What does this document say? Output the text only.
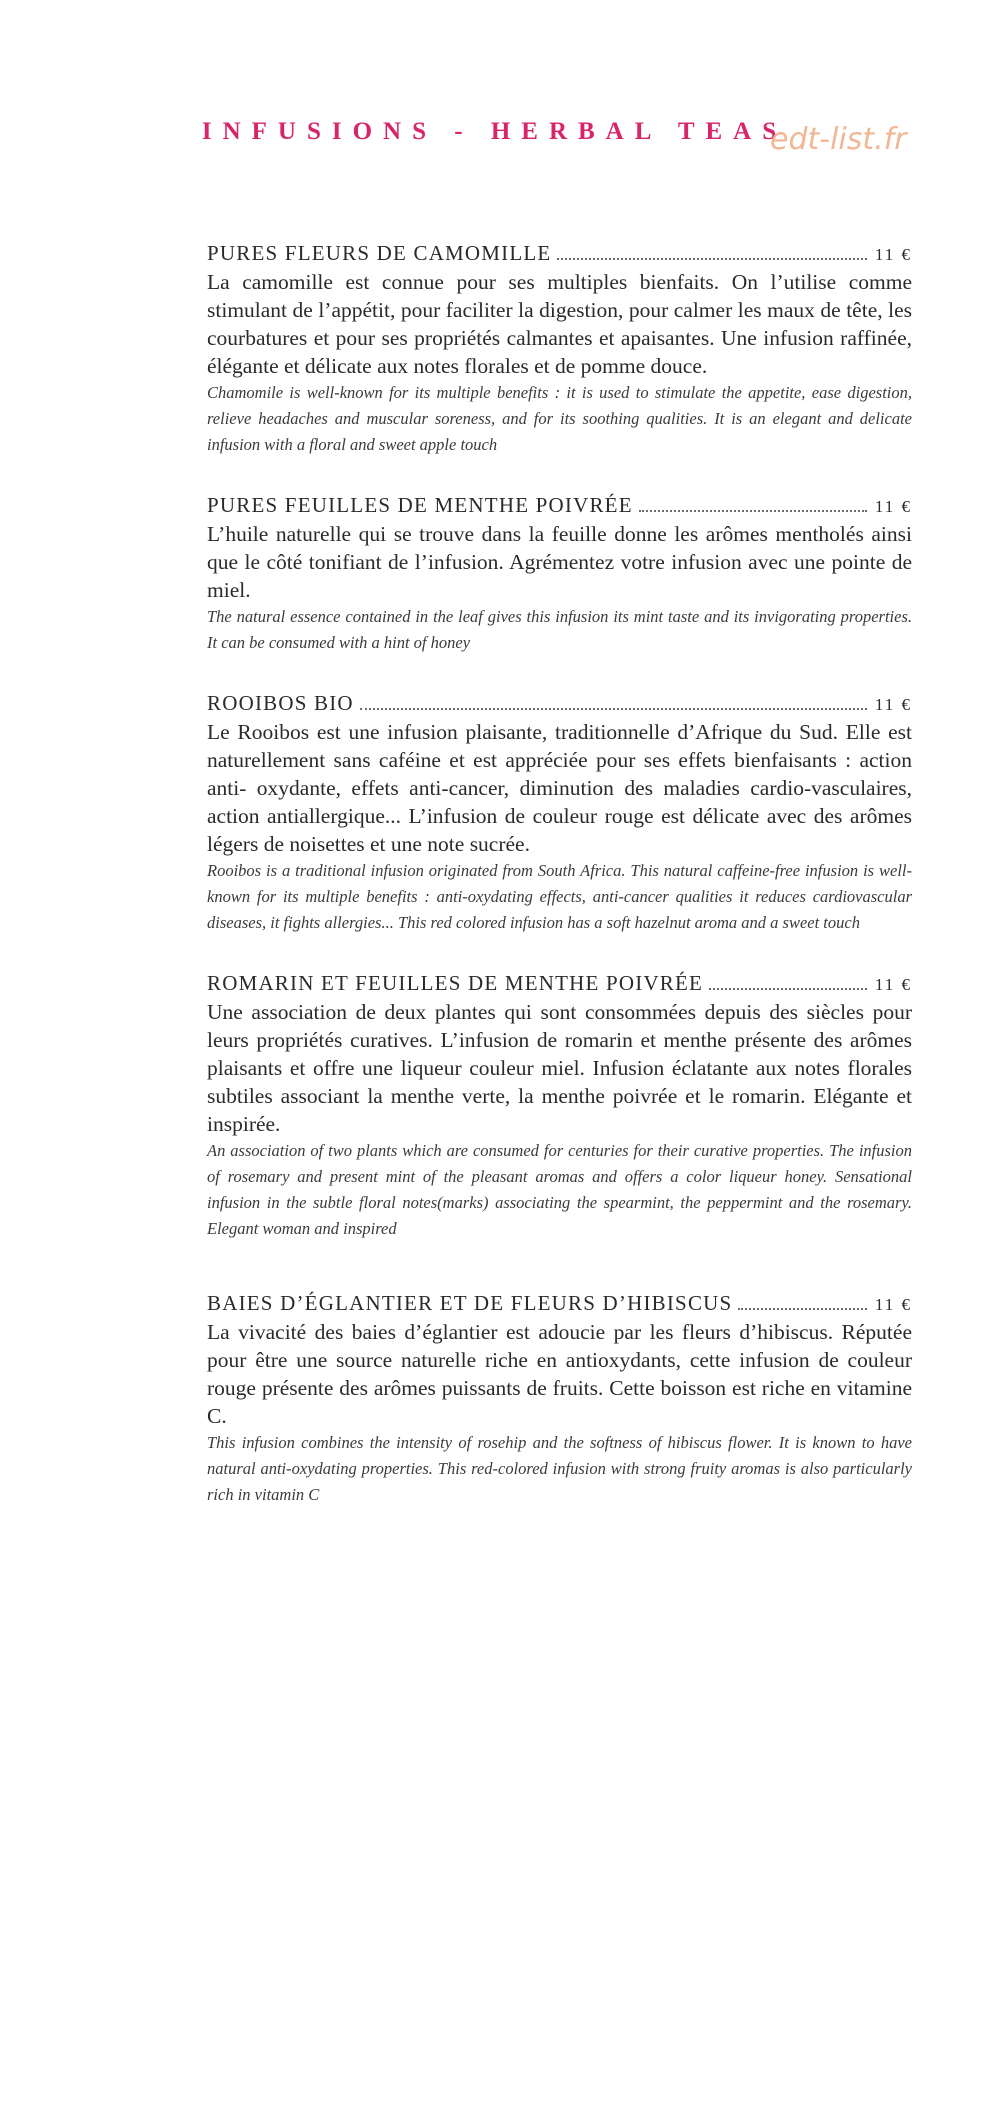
INFUSIONS - HERBAL TEAS
edt-list.fr
PURES FLEURS DE CAMOMILLE	11 €

La camomille est connue pour ses multiples bienfaits. On l’utilise comme stimulant de l’appétit, pour faciliter la digestion, pour calmer les maux de tête, les courbatures et pour ses propriétés calmantes et apaisantes. Une infusion raffinée, élégante et délicate aux notes florales et de pomme douce.

Chamomile is well-known for its multiple benefits : it is used to stimulate the appetite, ease digestion, relieve headaches and muscular soreness, and for its soothing qualities. It is an elegant and delicate infusion with a floral and sweet apple touch

PURES FEUILLES DE MENTHE POIVRÉE	11 €

L’huile naturelle qui se trouve dans la feuille donne les arômes mentholés ainsi que le côté tonifiant de l’infusion. Agrémentez votre infusion avec une pointe de miel.

The natural essence contained in the leaf gives this infusion its mint taste and its invigorating properties. It can be consumed with a hint of honey

ROOIBOS BIO	11 €

Le Rooibos est une infusion plaisante, traditionnelle d’Afrique du Sud. Elle est naturellement sans caféine et est appréciée pour ses effets bienfaisants : action anti- oxydante, effets anti-cancer, diminution des maladies cardio-vasculaires, action antiallergique... L’infusion de couleur rouge est délicate avec des arômes légers de noisettes et une note sucrée.

Rooibos is a traditional infusion originated from South Africa. This natural caffeine-free infusion is well-known for its multiple benefits : anti-oxydating effects, anti-cancer qualities it reduces cardiovascular diseases, it fights allergies... This red colored infusion has a soft hazelnut aroma and a sweet touch

ROMARIN ET FEUILLES DE MENTHE POIVRÉE	11 €

Une association de deux plantes qui sont consommées depuis des siècles pour leurs propriétés curatives. L’infusion de romarin et menthe présente des arômes plaisants et offre une liqueur couleur miel. Infusion éclatante aux notes florales subtiles associant la menthe verte, la menthe poivrée et le romarin. Elégante et inspirée.

An association of two plants which are consumed for centuries for their curative properties. The infusion of rosemary and present mint of the pleasant aromas and offers a color liqueur honey. Sensational infusion in the subtle floral notes(marks) associating the spearmint, the peppermint and the rosemary. Elegant woman and inspired

BAIES D’ÉGLANTIER ET DE FLEURS D’HIBISCUS	11 €

La vivacité des baies d’églantier est adoucie par les fleurs d’hibiscus. Réputée pour être une source naturelle riche en antioxydants, cette infusion de couleur rouge présente des arômes puissants de fruits. Cette boisson est riche en vitamine C.

This infusion combines the intensity of rosehip and the softness of hibiscus flower. It is known to have natural anti-oxydating properties. This red-colored infusion with strong fruity aromas is also particularly rich in vitamin C
